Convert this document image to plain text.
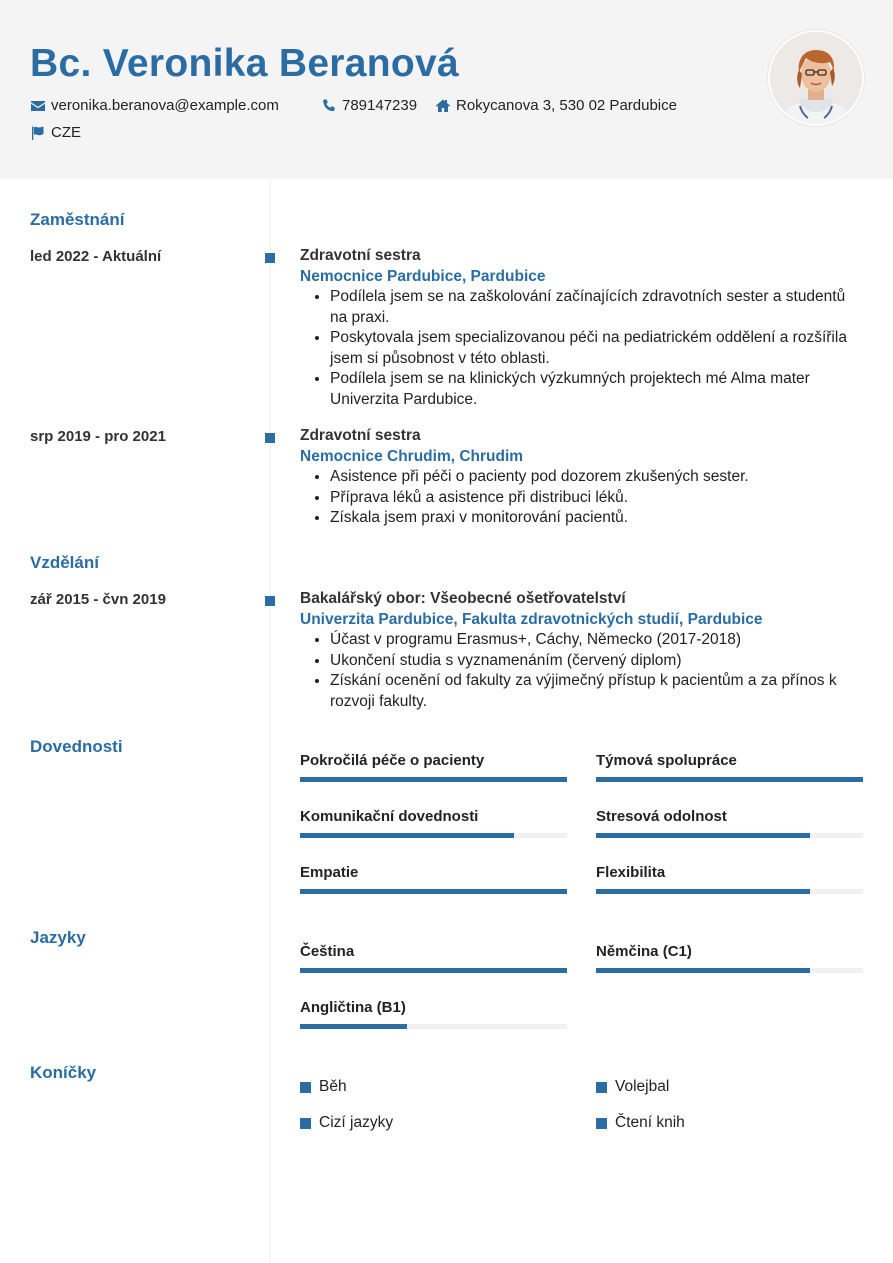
Bc. Veronika Beranová
veronika.beranova@example.com	789147239	Rokycanova 3, 530 02 Pardubice
CZE
Zaměstnání
led 2022 - Aktuální	Zdravotní sestra
Nemocnice Pardubice, Pardubice
• Podílela jsem se na zaškolování začínajících zdravotních sester a studentů na praxi.
• Poskytovala jsem specializovanou péči na pediatrickém oddělení a rozšířila jsem si působnost v této oblasti.
• Podílela jsem se na klinických výzkumných projektech mé Alma mater Univerzita Pardubice.
srp 2019 - pro 2021	Zdravotní sestra
Nemocnice Chrudim, Chrudim
• Asistence při péči o pacienty pod dozorem zkušených sester.
• Příprava léků a asistence při distribuci léků.
• Získala jsem praxi v monitorování pacientů.
Vzdělání
zář 2015 - čvn 2019	Bakalářský obor: Všeobecné ošetřovatelství
Univerzita Pardubice, Fakulta zdravotnických studií, Pardubice
• Účast v programu Erasmus+, Cáchy, Německo (2017-2018)
• Ukončení studia s vyznamenáním (červený diplom)
• Získání ocenění od fakulty za výjimečný přístup k pacientům a za přínos k rozvoji fakulty.
Dovednosti
Pokročilá péče o pacienty	Týmová spolupráce
Komunikační dovednosti	Stresová odolnost
Empatie	Flexibilita
Jazyky
Čeština	Němčina (C1)
Angličtina (B1)
Koníčky
Běh	Volejbal
Cizí jazyky	Čtení knih
